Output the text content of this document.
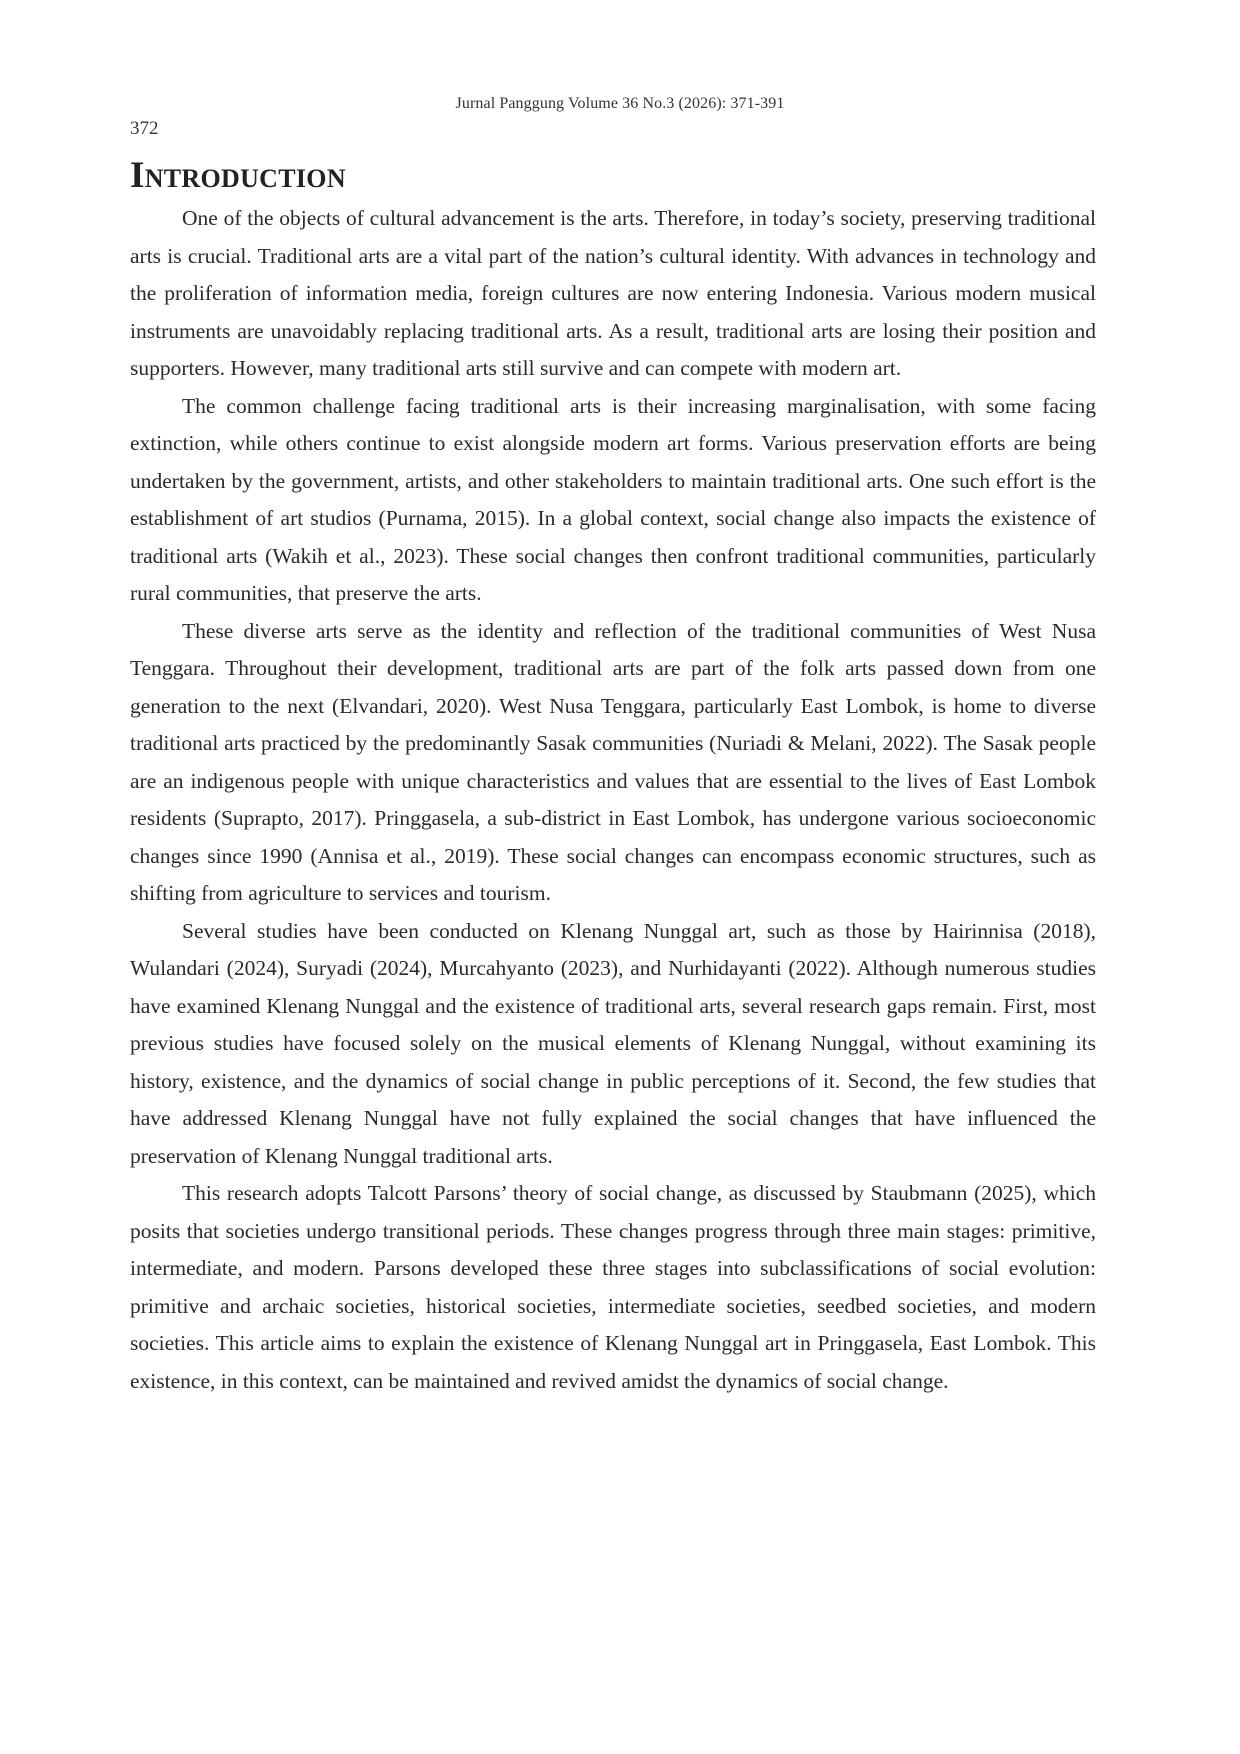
Jurnal Panggung Volume 36 No.3 (2026): 371-391
372
Introduction

One of the objects of cultural advancement is the arts. Therefore, in today’s society, preserving traditional arts is crucial. Traditional arts are a vital part of the nation’s cultural identity. With advances in technology and the proliferation of information media, foreign cultures are now entering Indonesia. Various modern musical instruments are unavoidably replacing traditional arts. As a result, traditional arts are losing their position and supporters. However, many traditional arts still survive and can compete with modern art.

The common challenge facing traditional arts is their increasing marginalisation, with some facing extinction, while others continue to exist alongside modern art forms. Various preservation efforts are being undertaken by the government, artists, and other stakeholders to maintain traditional arts. One such effort is the establishment of art studios (Purnama, 2015). In a global context, social change also impacts the existence of traditional arts (Wakih et al., 2023). These social changes then confront traditional communities, particularly rural communities, that preserve the arts.

These diverse arts serve as the identity and reflection of the traditional communities of West Nusa Tenggara. Throughout their development, traditional arts are part of the folk arts passed down from one generation to the next (Elvandari, 2020). West Nusa Tenggara, particularly East Lombok, is home to diverse traditional arts practiced by the predominantly Sasak communities (Nuriadi & Melani, 2022). The Sasak people are an indigenous people with unique characteristics and values that are essential to the lives of East Lombok residents (Suprapto, 2017). Pringgasela, a sub-district in East Lombok, has undergone various socioeconomic changes since 1990 (Annisa et al., 2019). These social changes can encompass economic structures, such as shifting from agriculture to services and tourism.

Several studies have been conducted on Klenang Nunggal art, such as those by Hairinnisa (2018), Wulandari (2024), Suryadi (2024), Murcahyanto (2023), and Nurhidayanti (2022). Although numerous studies have examined Klenang Nunggal and the existence of traditional arts, several research gaps remain. First, most previous studies have focused solely on the musical elements of Klenang Nunggal, without examining its history, existence, and the dynamics of social change in public perceptions of it. Second, the few studies that have addressed Klenang Nunggal have not fully explained the social changes that have influenced the preservation of Klenang Nunggal traditional arts.

This research adopts Talcott Parsons’ theory of social change, as discussed by Staubmann (2025), which posits that societies undergo transitional periods. These changes progress through three main stages: primitive, intermediate, and modern. Parsons developed these three stages into subclassifications of social evolution: primitive and archaic societies, historical societies, intermediate societies, seedbed societies, and modern societies. This article aims to explain the existence of Klenang Nunggal art in Pringgasela, East Lombok. This existence, in this context, can be maintained and revived amidst the dynamics of social change.
